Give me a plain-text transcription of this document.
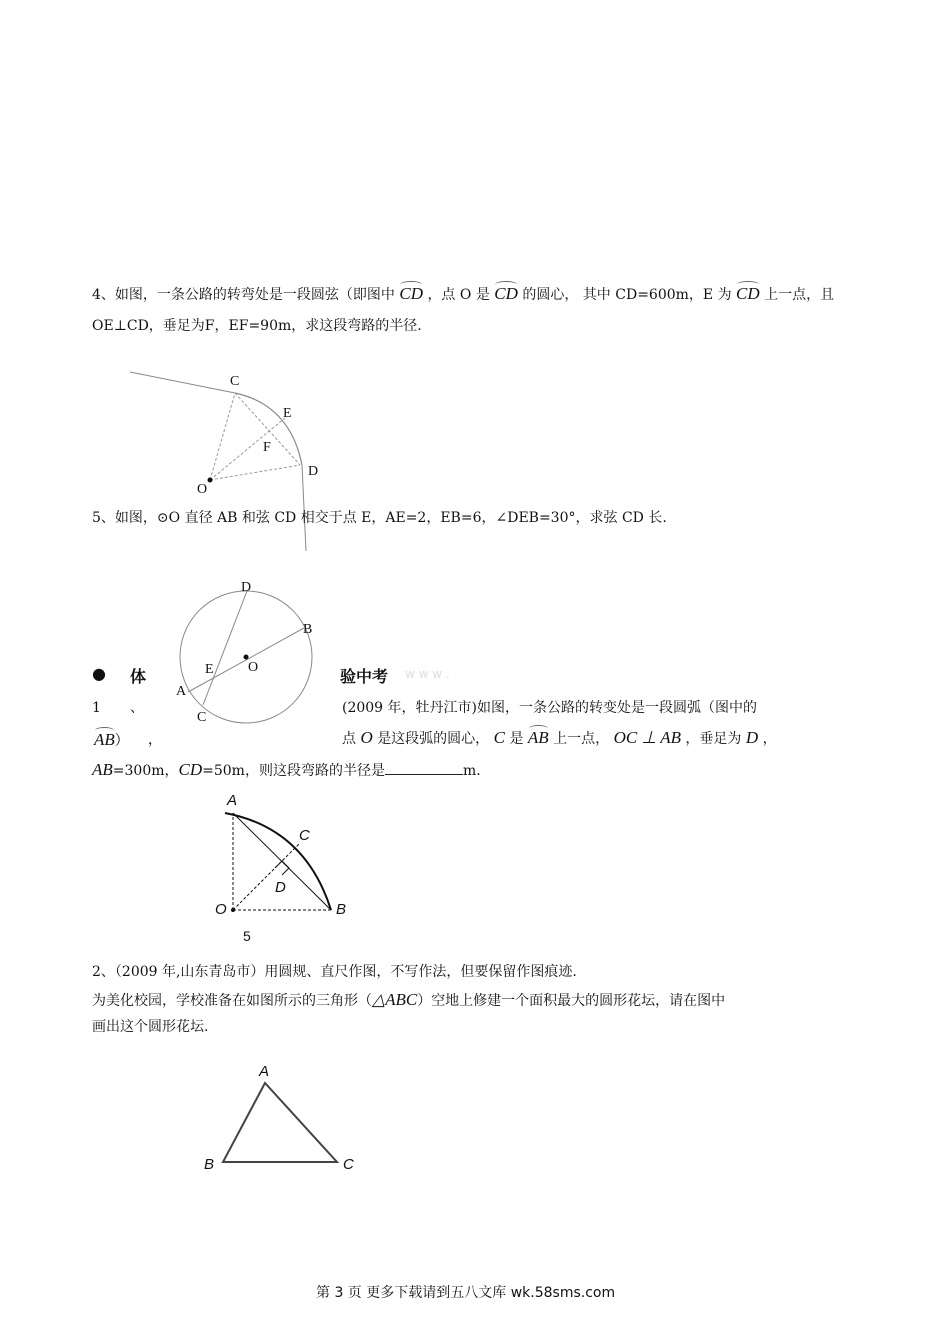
4、如图，一条公路的转弯处是一段圆弦（即图中 CD ，点 O 是 CD 的圆心， 其中 CD=600m，E 为 CD 上一点，且
OE⊥CD，垂足为F，EF=90m，求这段弯路的半径.
C
E
F
O
D
5、如图，⊙O 直径 AB 和弦 CD 相交于点 E，AE=2，EB=6，∠DEB=30°，求弦 CD 长.
D
B
E O
A
C
● 体	验中考 w w w .
1 、	(2009 年，牡丹江市)如图，一条公路的转变处是一段圆弧（图中的
AB） ，	点 O 是这段弧的圆心， C 是 AB 上一点， OC ⊥ AB ，垂足为 D ，
AB=300m，CD=50m，则这段弯路的半径是	m.
A
C
D
O	B
5
2、（2009 年,山东青岛市）用圆规、直尺作图，不写作法，但要保留作图痕迹.
为美化校园，学校准备在如图所示的三角形（△ABC）空地上修建一个面积最大的圆形花坛，请在图中
画出这个圆形花坛.
A
B	C
第 3 页 更多下载请到五八文库 wk.58sms.com
